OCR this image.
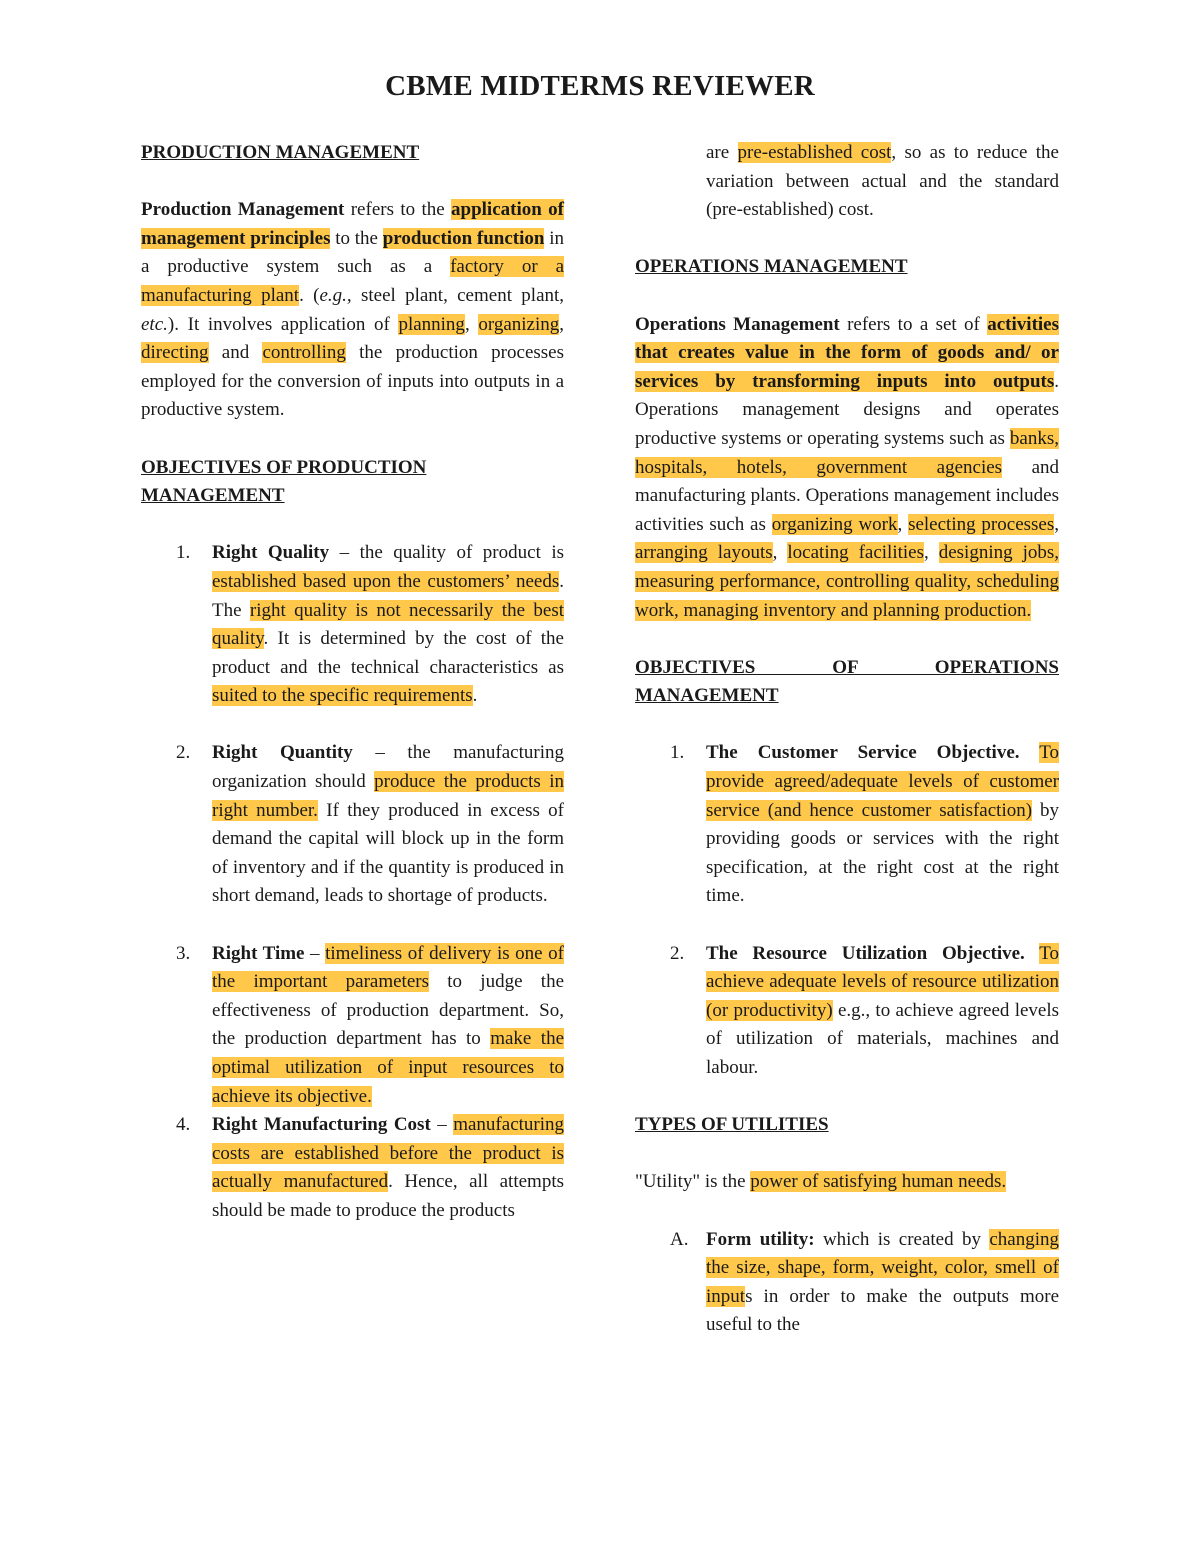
CBME MIDTERMS REVIEWER
PRODUCTION MANAGEMENT
Production Management refers to the application of management principles to the production function in a productive system such as a factory or a manufacturing plant. (e.g., steel plant, cement plant, etc.). It involves application of planning, organizing, directing and controlling the production processes employed for the conversion of inputs into outputs in a productive system.
OBJECTIVES OF PRODUCTION MANAGEMENT
1. Right Quality – the quality of product is established based upon the customers’ needs. The right quality is not necessarily the best quality. It is determined by the cost of the product and the technical characteristics as suited to the specific requirements.
2. Right Quantity – the manufacturing organization should produce the products in right number. If they produced in excess of demand the capital will block up in the form of inventory and if the quantity is produced in short demand, leads to shortage of products.
3. Right Time – timeliness of delivery is one of the important parameters to judge the effectiveness of production department. So, the production department has to make the optimal utilization of input resources to achieve its objective.
4. Right Manufacturing Cost – manufacturing costs are established before the product is actually manufactured. Hence, all attempts should be made to produce the products
are pre-established cost, so as to reduce the variation between actual and the standard (pre-established) cost.
OPERATIONS MANAGEMENT
Operations Management refers to a set of activities that creates value in the form of goods and/ or services by transforming inputs into outputs. Operations management designs and operates productive systems or operating systems such as banks, hospitals, hotels, government agencies and manufacturing plants. Operations management includes activities such as organizing work, selecting processes, arranging layouts, locating facilities, designing jobs, measuring performance, controlling quality, scheduling work, managing inventory and planning production.
OBJECTIVES OF OPERATIONS MANAGEMENT
1. The Customer Service Objective. To provide agreed/adequate levels of customer service (and hence customer satisfaction) by providing goods or services with the right specification, at the right cost at the right time.
2. The Resource Utilization Objective. To achieve adequate levels of resource utilization (or productivity) e.g., to achieve agreed levels of utilization of materials, machines and labour.
TYPES OF UTILITIES
"Utility" is the power of satisfying human needs.
A. Form utility: which is created by changing the size, shape, form, weight, color, smell of inputs in order to make the outputs more useful to the
